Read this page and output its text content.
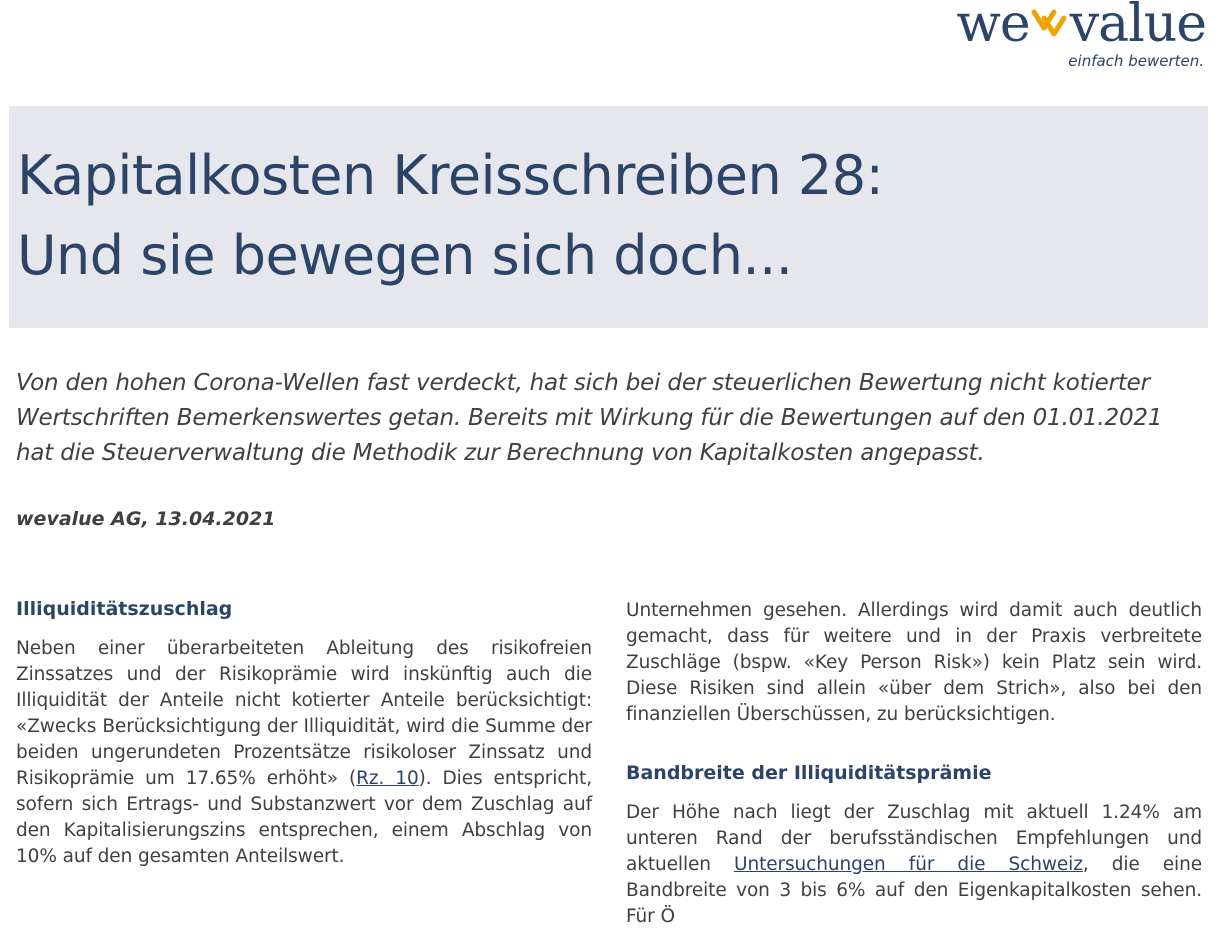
we value
einfach bewerten.
Kapitalkosten Kreisschreiben 28:
Und sie bewegen sich doch...

Von den hohen Corona-Wellen fast verdeckt, hat sich bei der steuerlichen Bewertung nicht kotierter Wertschriften Bemerkenswertes getan. Bereits mit Wirkung für die Bewertungen auf den 01.01.2021 hat die Steuerverwaltung die Methodik zur Berechnung von Kapitalkosten angepasst.

wevalue AG, 13.04.2021

Illiquiditätszuschlag

Neben einer überarbeiteten Ableitung des risikofreien Zinssatzes und der Risikoprämie wird inskünftig auch die Illiquidität der Anteile nicht kotierter Anteile berücksichtigt: «Zwecks Berücksichtigung der Illiquidität, wird die Summe der beiden ungerundeten Prozentsätze risikoloser Zinssatz und Risikoprämie um 17.65% erhöht» (Rz. 10). Dies entspricht, sofern sich Ertrags- und Substanzwert vor dem Zuschlag auf den Kapitalisierungszins entsprechen, einem Abschlag von 10% auf den gesamten Anteilswert.

Unternehmen gesehen. Allerdings wird damit auch deutlich gemacht, dass für weitere und in der Praxis verbreitete Zuschläge (bspw. «Key Person Risk») kein Platz sein wird. Diese Risiken sind allein «über dem Strich», also bei den finanziellen Überschüssen, zu berücksichtigen.

Bandbreite der Illiquiditätsprämie

Der Höhe nach liegt der Zuschlag mit aktuell 1.24% am unteren Rand der berufsständischen Empfehlungen und aktuellen Untersuchungen für die Schweiz, die eine Bandbreite von 3 bis 6% auf den Eigenkapitalkosten sehen. Für Ö
